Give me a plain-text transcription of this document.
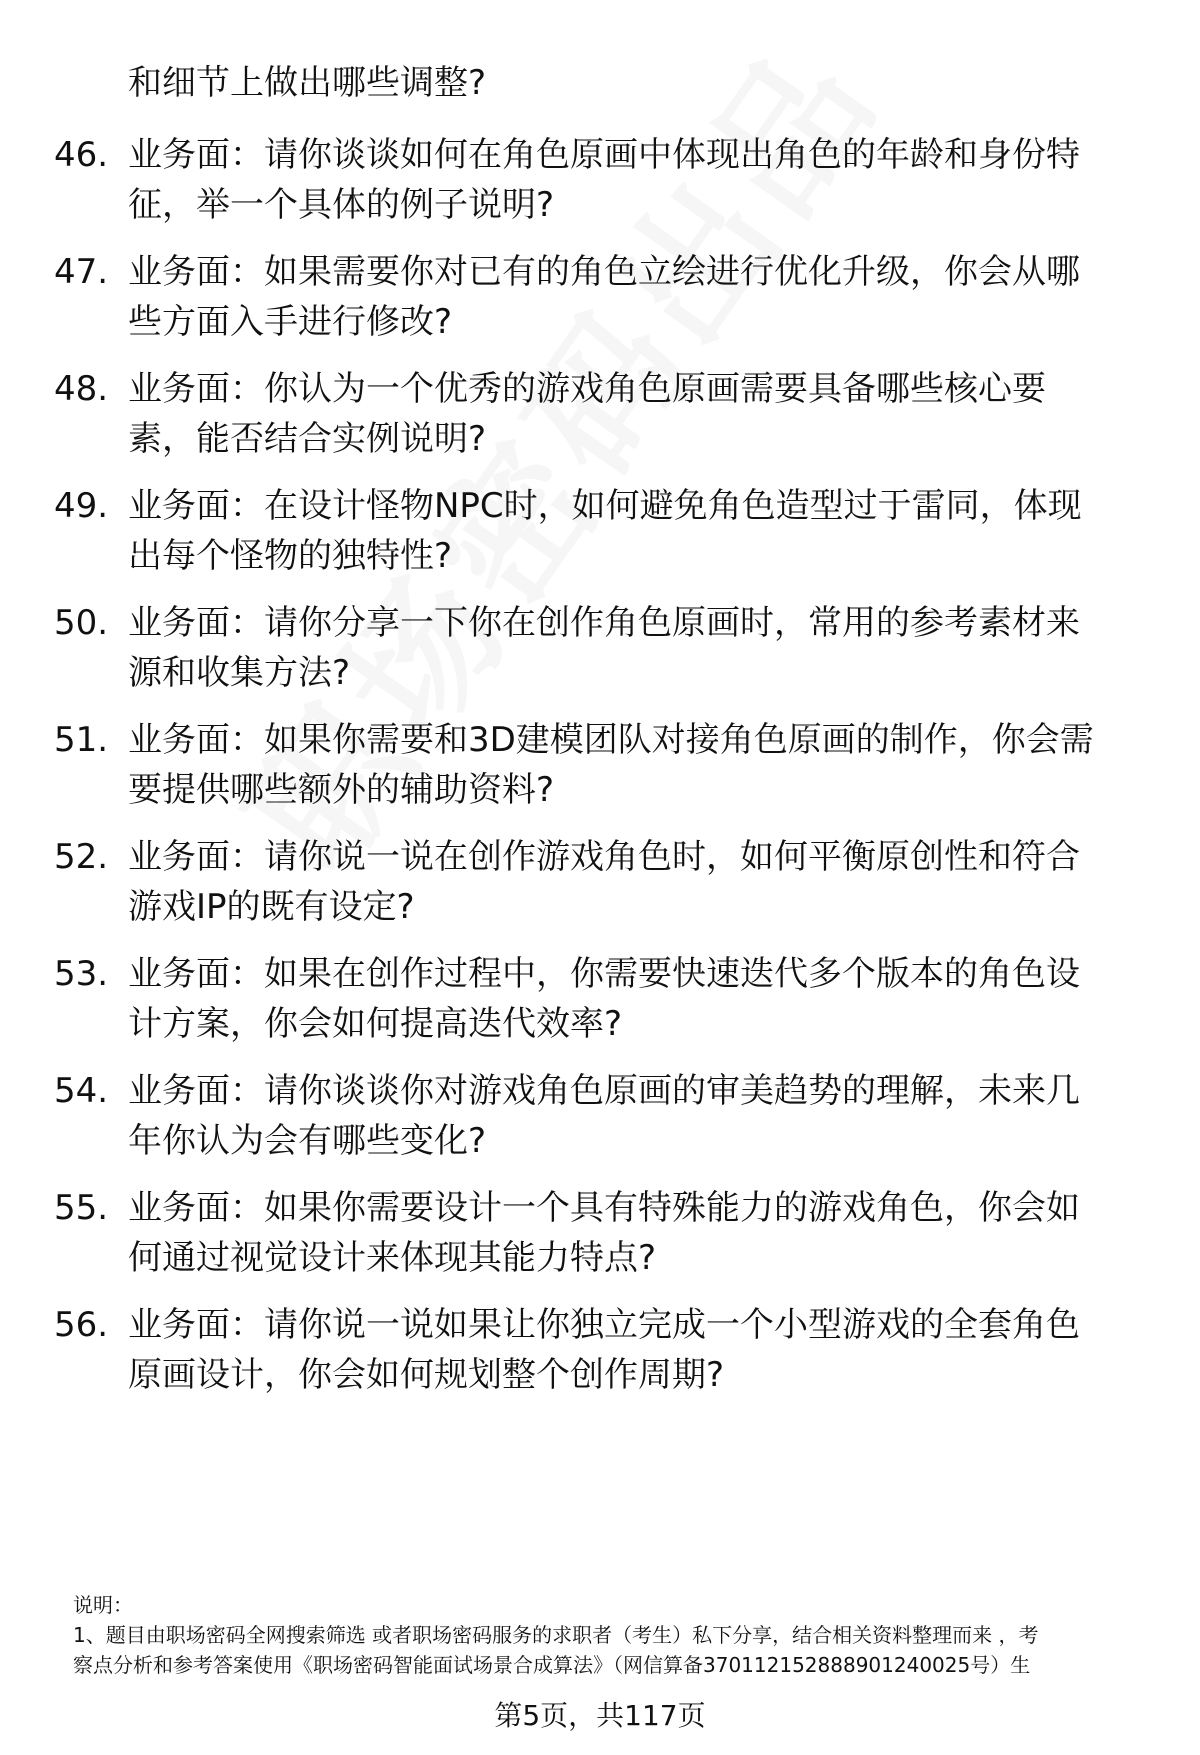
和细节上做出哪些调整?
46. 业务面：请你谈谈如何在角色原画中体现出角色的年龄和身份特
征，举一个具体的例子说明?
47. 业务面：如果需要你对已有的角色立绘进行优化升级，你会从哪
些方面入手进行修改?
48. 业务面：你认为一个优秀的游戏角色原画需要具备哪些核心要
素，能否结合实例说明?
49. 业务面：在设计怪物NPC时，如何避免角色造型过于雷同，体现
出每个怪物的独特性?
50. 业务面：请你分享一下你在创作角色原画时，常用的参考素材来
源和收集方法?
51. 业务面：如果你需要和3D建模团队对接角色原画的制作，你会需
要提供哪些额外的辅助资料?
52. 业务面：请你说一说在创作游戏角色时，如何平衡原创性和符合
游戏IP的既有设定?
53. 业务面：如果在创作过程中，你需要快速迭代多个版本的角色设
计方案，你会如何提高迭代效率?
54. 业务面：请你谈谈你对游戏角色原画的审美趋势的理解，未来几
年你认为会有哪些变化?
55. 业务面：如果你需要设计一个具有特殊能力的游戏角色，你会如
何通过视觉设计来体现其能力特点?
56. 业务面：请你说一说如果让你独立完成一个小型游戏的全套角色
原画设计，你会如何规划整个创作周期?
说明：
1、题目由职场密码全网搜索筛选 或者职场密码服务的求职者（考生）私下分享，结合相关资料整理而来 ，考
察点分析和参考答案使用《职场密码智能面试场景合成算法》（网信算备37011215288890124002​5号）生
第5页，共117页
